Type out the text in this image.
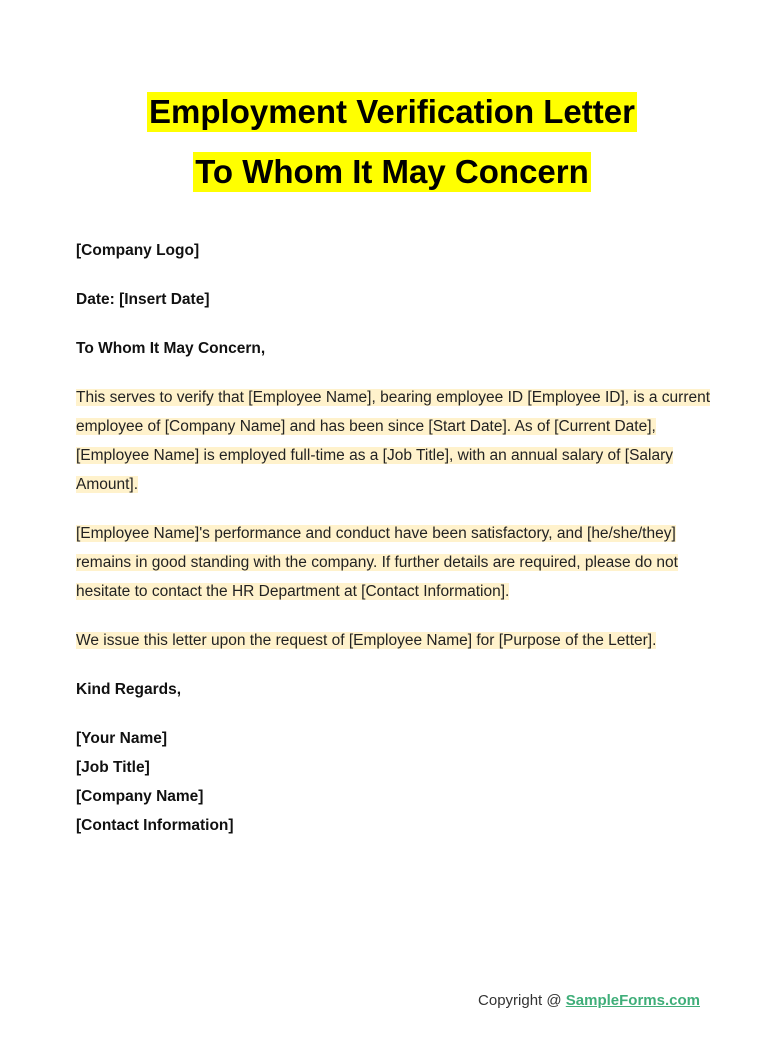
Employment Verification Letter
To Whom It May Concern
[Company Logo]
Date: [Insert Date]
To Whom It May Concern,

This serves to verify that [Employee Name], bearing employee ID [Employee ID], is a current employee of [Company Name] and has been since [Start Date]. As of [Current Date], [Employee Name] is employed full-time as a [Job Title], with an annual salary of [Salary Amount].

[Employee Name]'s performance and conduct have been satisfactory, and [he/she/they] remains in good standing with the company. If further details are required, please do not hesitate to contact the HR Department at [Contact Information].

We issue this letter upon the request of [Employee Name] for [Purpose of the Letter].

Kind Regards,
[Your Name]
[Job Title]
[Company Name]
[Contact Information]
Copyright @ SampleForms.com
